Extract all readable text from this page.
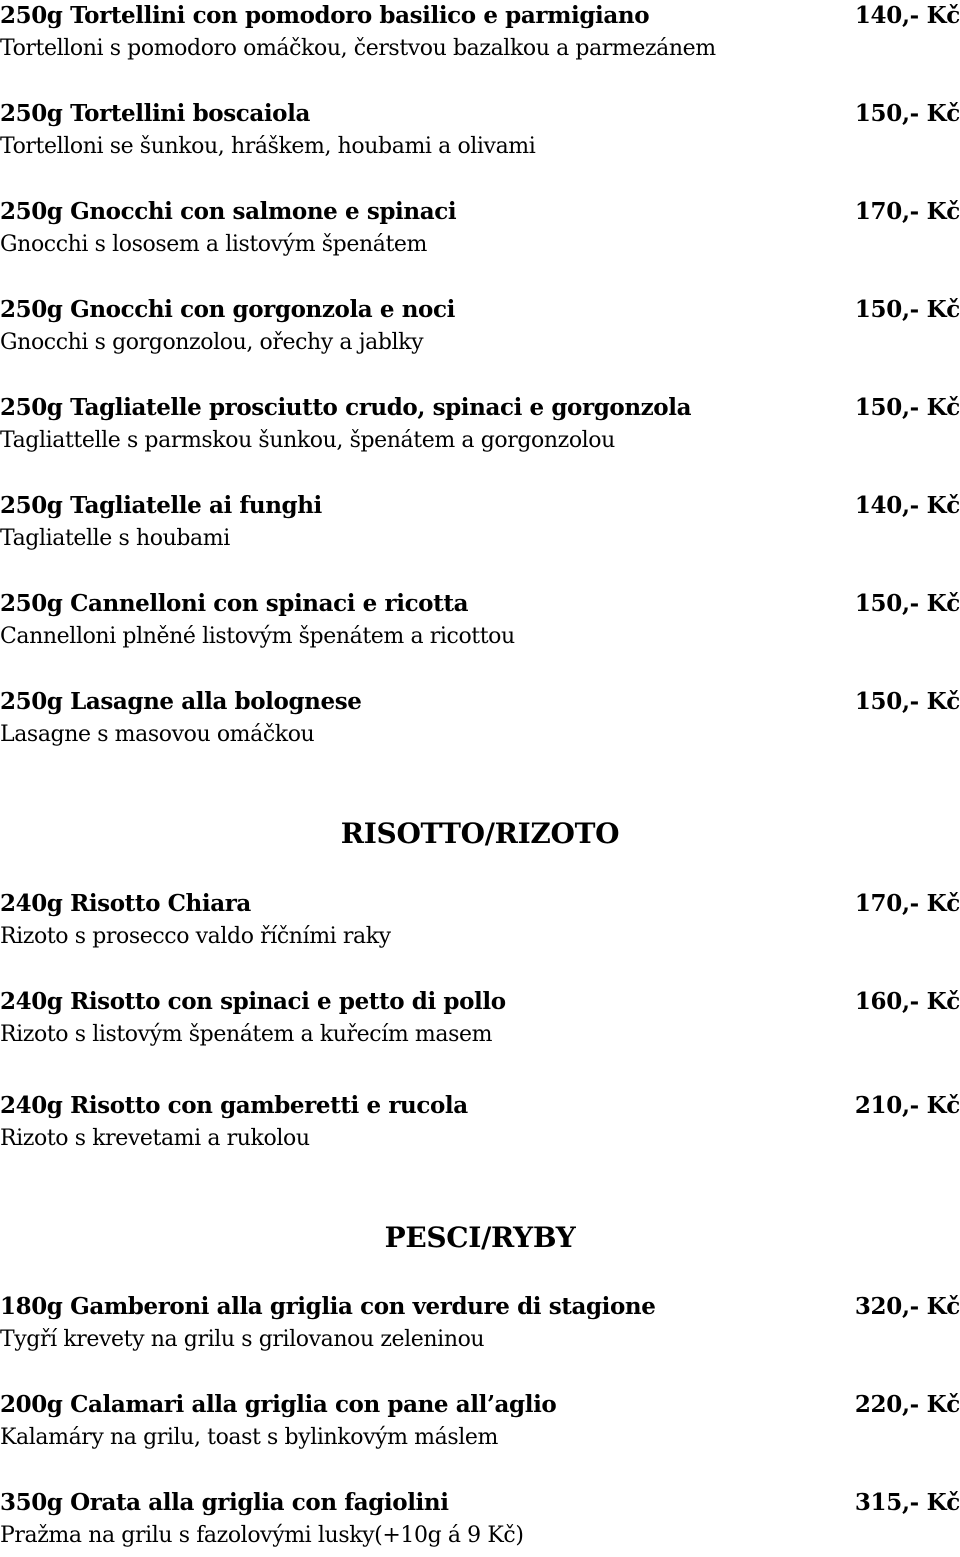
250g Tortellini con pomodoro basilico e parmigiano
Tortelloni s pomodoro omáčkou, čerstvou bazalkou a parmezánem
140,- Kč
250g Tortellini boscaiola
Tortelloni se šunkou, hráškem, houbami a olivami
150,- Kč
250g Gnocchi con salmone e spinaci
Gnocchi s lososem a listovým špenátem
170,- Kč
250g Gnocchi con gorgonzola e noci
Gnocchi s gorgonzolou, ořechy a jablky
150,- Kč
250g Tagliatelle prosciutto crudo, spinaci e gorgonzola
Tagliattelle s parmskou šunkou, špenátem a gorgonzolou
150,- Kč
250g Tagliatelle ai funghi
Tagliatelle s houbami
140,- Kč
250g Cannelloni con spinaci e ricotta
Cannelloni plněné listovým špenátem a ricottou
150,- Kč
250g Lasagne alla bolognese
Lasagne s masovou omáčkou
150,- Kč
RISOTTO/RIZOTO
240g Risotto Chiara
Rizoto s prosecco valdo říčními raky
170,- Kč
240g Risotto con spinaci e petto di pollo
Rizoto s listovým špenátem a kuřecím masem
160,- Kč
240g Risotto con gamberetti e rucola
Rizoto s krevetami a rukolou
210,- Kč
PESCI/RYBY
180g Gamberoni alla griglia con verdure di stagione
Tygří krevety na grilu s grilovanou zeleninou
320,- Kč
200g Calamari alla griglia con pane all’aglio
Kalamáry na grilu, toast s bylinkovým máslem
220,- Kč
350g Orata alla griglia con fagiolini
Pražma na grilu s fazolovými lusky(+10g á 9 Kč)
315,- Kč
